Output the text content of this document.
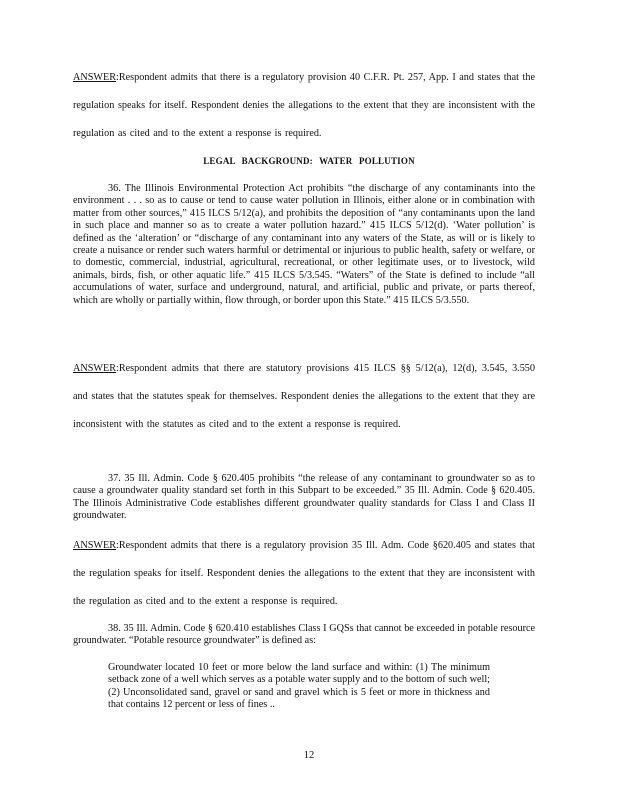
ANSWER:Respondent admits that there is a regulatory provision 40 C.F.R. Pt. 257, App. I and states that the regulation speaks for itself. Respondent denies the allegations to the extent that they are inconsistent with the regulation as cited and to the extent a response is required.

LEGAL BACKGROUND: WATER POLLUTION

36. The Illinois Environmental Protection Act prohibits “the discharge of any contaminants into the environment . . . so as to cause or tend to cause water pollution in Illinois, either alone or in combination with matter from other sources,” 415 ILCS 5/12(a), and prohibits the deposition of “any contaminants upon the land in such place and manner so as to create a water pollution hazard.” 415 ILCS 5/12(d). ‘Water pollution’ is defined as the ‘alteration’ or “discharge of any contaminant into any waters of the State, as will or is likely to create a nuisance or render such waters harmful or detrimental or injurious to public health, safety or welfare, or to domestic, commercial, industrial, agricultural, recreational, or other legitimate uses, or to livestock, wild animals, birds, fish, or other aquatic life.” 415 ILCS 5/3.545. “Waters” of the State is defined to include “all accumulations of water, surface and underground, natural, and artificial, public and private, or parts thereof, which are wholly or partially within, flow through, or border upon this State.” 415 ILCS 5/3.550.

ANSWER:Respondent admits that there are statutory provisions 415 ILCS §§ 5/12(a), 12(d), 3.545, 3.550 and states that the statutes speak for themselves. Respondent denies the allegations to the extent that they are inconsistent with the statutes as cited and to the extent a response is required.

37. 35 Ill. Admin. Code § 620.405 prohibits “the release of any contaminant to groundwater so as to cause a groundwater quality standard set forth in this Subpart to be exceeded.” 35 Ill. Admin. Code § 620.405. The Illinois Administrative Code establishes different groundwater quality standards for Class I and Class II groundwater.

ANSWER:Respondent admits that there is a regulatory provision 35 Ill. Adm. Code §620.405 and states that the regulation speaks for itself. Respondent denies the allegations to the extent that they are inconsistent with the regulation as cited and to the extent a response is required.

38. 35 Ill. Admin. Code § 620.410 establishes Class I GQSs that cannot be exceeded in potable resource groundwater. “Potable resource groundwater” is defined as:

Groundwater located 10 feet or more below the land surface and within: (1) The minimum setback zone of a well which serves as a potable water supply and to the bottom of such well; (2) Unconsolidated sand, gravel or sand and gravel which is 5 feet or more in thickness and that contains 12 percent or less of fines ..

12
